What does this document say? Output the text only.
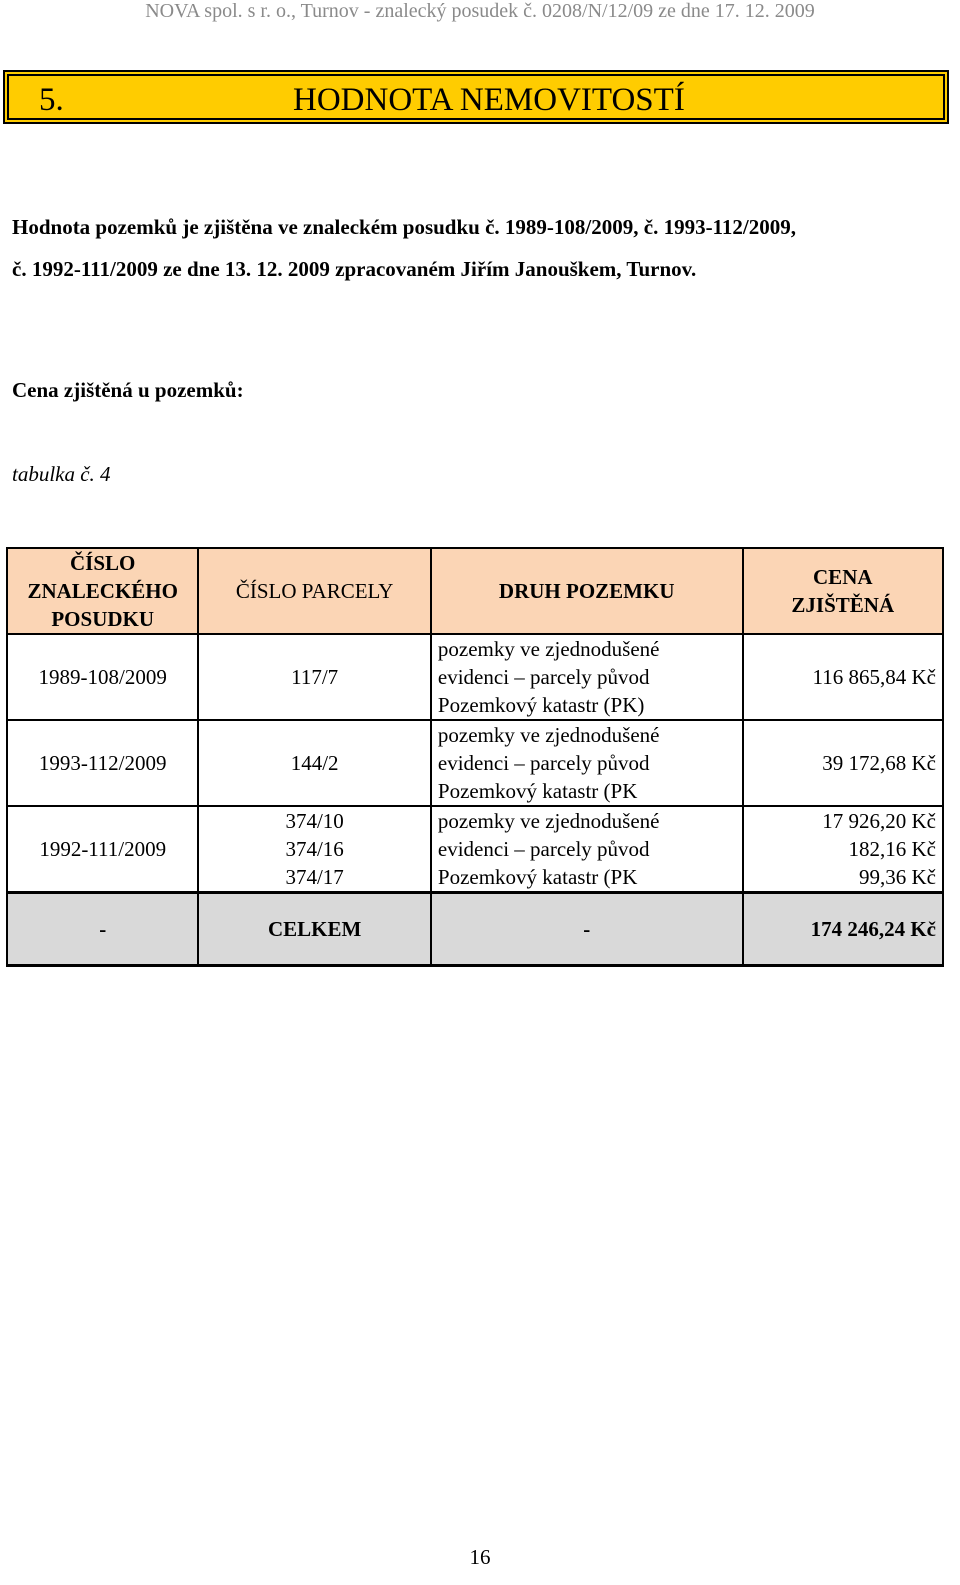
NOVA spol. s r. o., Turnov - znalecký posudek č. 0208/N/12/09 ze dne 17. 12. 2009
5.	HODNOTA NEMOVITOSTÍ
Hodnota pozemků je zjištěna ve znaleckém posudku č. 1989-108/2009, č. 1993-112/2009,
č. 1992-111/2009 ze dne 13. 12. 2009 zpracovaném Jiřím Janouškem, Turnov.
Cena zjištěná u pozemků:
tabulka č. 4
ČÍSLO
ZNALECKÉHO
POSUDKU	ČÍSLO PARCELY	DRUH POZEMKU	CENA
ZJIŠTĚNÁ

1989-108/2009	117/7	pozemky ve zjednodušené
evidenci – parcely původ
Pozemkový katastr (PK)	116 865,84 Kč

1993-112/2009	144/2	pozemky ve zjednodušené
evidenci – parcely původ
Pozemkový katastr (PK	39 172,68 Kč

1992-111/2009	374/10
374/16
374/17	pozemky ve zjednodušené
evidenci – parcely původ
Pozemkový katastr (PK	17 926,20 Kč
182,16 Kč
99,36 Kč

-	CELKEM	-	174 246,24 Kč
16
